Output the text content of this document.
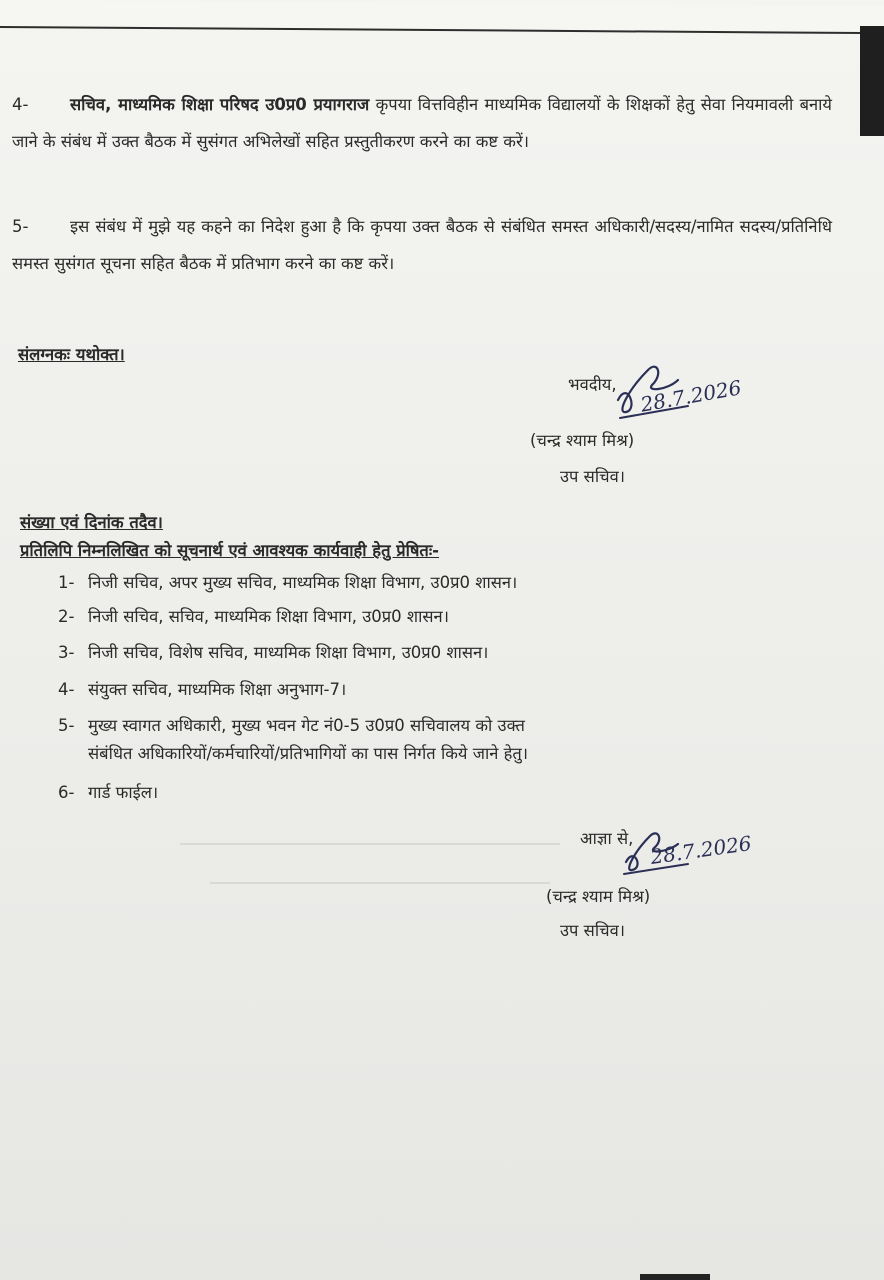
4-	सचिव, माध्यमिक शिक्षा परिषद उ0प्र0 प्रयागराज कृपया वित्तविहीन माध्यमिक विद्यालयों के शिक्षकों हेतु सेवा नियमावली बनाये जाने के संबंध में उक्त बैठक में सुसंगत अभिलेखों सहित प्रस्तुतीकरण करने का कष्ट करें।
5-	इस संबंध में मुझे यह कहने का निदेश हुआ है कि कृपया उक्त बैठक से संबंधित समस्त अधिकारी/सदस्य/नामित सदस्य/प्रतिनिधि समस्त सुसंगत सूचना सहित बैठक में प्रतिभाग करने का कष्ट करें।
संलग्नकः यथोक्त।
भवदीय, 28.7.2026
(चन्द्र श्याम मिश्र)
उप सचिव।
संख्या एवं दिनांक तदैव।
प्रतिलिपि निम्नलिखित को सूचनार्थ एवं आवश्यक कार्यवाही हेतु प्रेषितः-
1- निजी सचिव, अपर मुख्य सचिव, माध्यमिक शिक्षा विभाग, उ0प्र0 शासन।
2- निजी सचिव, सचिव, माध्यमिक शिक्षा विभाग, उ0प्र0 शासन।
3- निजी सचिव, विशेष सचिव, माध्यमिक शिक्षा विभाग, उ0प्र0 शासन।
4- संयुक्त सचिव, माध्यमिक शिक्षा अनुभाग-7।
5- मुख्य स्वागत अधिकारी, मुख्य भवन गेट नं0-5 उ0प्र0 सचिवालय को उक्त
संबंधित अधिकारियों/कर्मचारियों/प्रतिभागियों का पास निर्गत किये जाने हेतु।
6- गार्ड फाईल।
आज्ञा से, 28.7.2026
(चन्द्र श्याम मिश्र)
उप सचिव।
